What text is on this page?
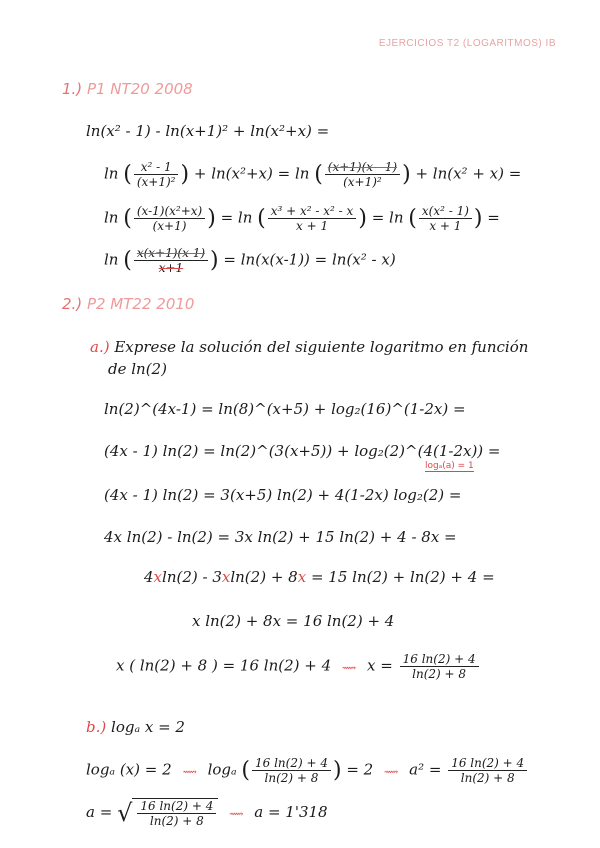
EJERCICIOS T2 (LOGARITMOS) IB
1.) P1 NT20 2008
ln(x² - 1) - ln(x+1)² + ln(x²+x) =
ln ( $\frac{\text{x² - 1}}{\text{(x+1)²}}$ ) + ln(x²+x) = ln ( $\frac{(x+1)(x - 1)}{\text{(x+1)²}}$ ) + ln(x² + x) =
ln ( $\frac{\text{(x-1)(x²+x)}}{(x+1)}$ ) = ln ( $\frac{\text{x³ + x² - x² - x}}{x + 1}$ ) = ln ( $\frac{\text{x(x² - 1)}}{x + 1}$ ) =
ln ( $\frac{x(x+1)(x-1)}{x+1}$ ) = ln(x(x-1)) = ln(x² - x)
2.) P2 MT22 2010
a.) Exprese la solución del siguiente logaritmo en función
de ln(2)
ln(2)^(4x-1) = ln(8)^(x+5) + log₂(16)^(1-2x) =
(4x - 1) ln(2) = ln(2)^(3(x+5)) + log₂(2)^(4(1-2x)) =
logₐ(a) = 1
(4x - 1) ln(2) = 3(x+5) ln(2) + 4(1-2x) log₂(2) =
4x ln(2) - ln(2) = 3x ln(2) + 15 ln(2) + 4 - 8x =
4xln(2) - 3xln(2) + 8x = 15 ln(2) + ln(2) + 4 =
x ln(2) + 8x = 16 ln(2) + 4
x ( ln(2) + 8 ) = 16 ln(2) + 4 ⟿ $x = \frac{16 \ln(2) + 4}{\ln(2) + 8}$
b.) logₐ x = 2
logₐ (x) = 2 ⟿ logₐ ( $\frac{16 \ln(2) + 4}{\ln(2) + 8}$ ) = 2 ⟿ $a^2 = \frac{16 \ln(2) + 4}{\ln(2) + 8}$
a = √ $\frac{16 \ln(2) + 4}{\ln(2) + 8}$ ⟿ a = 1'318
